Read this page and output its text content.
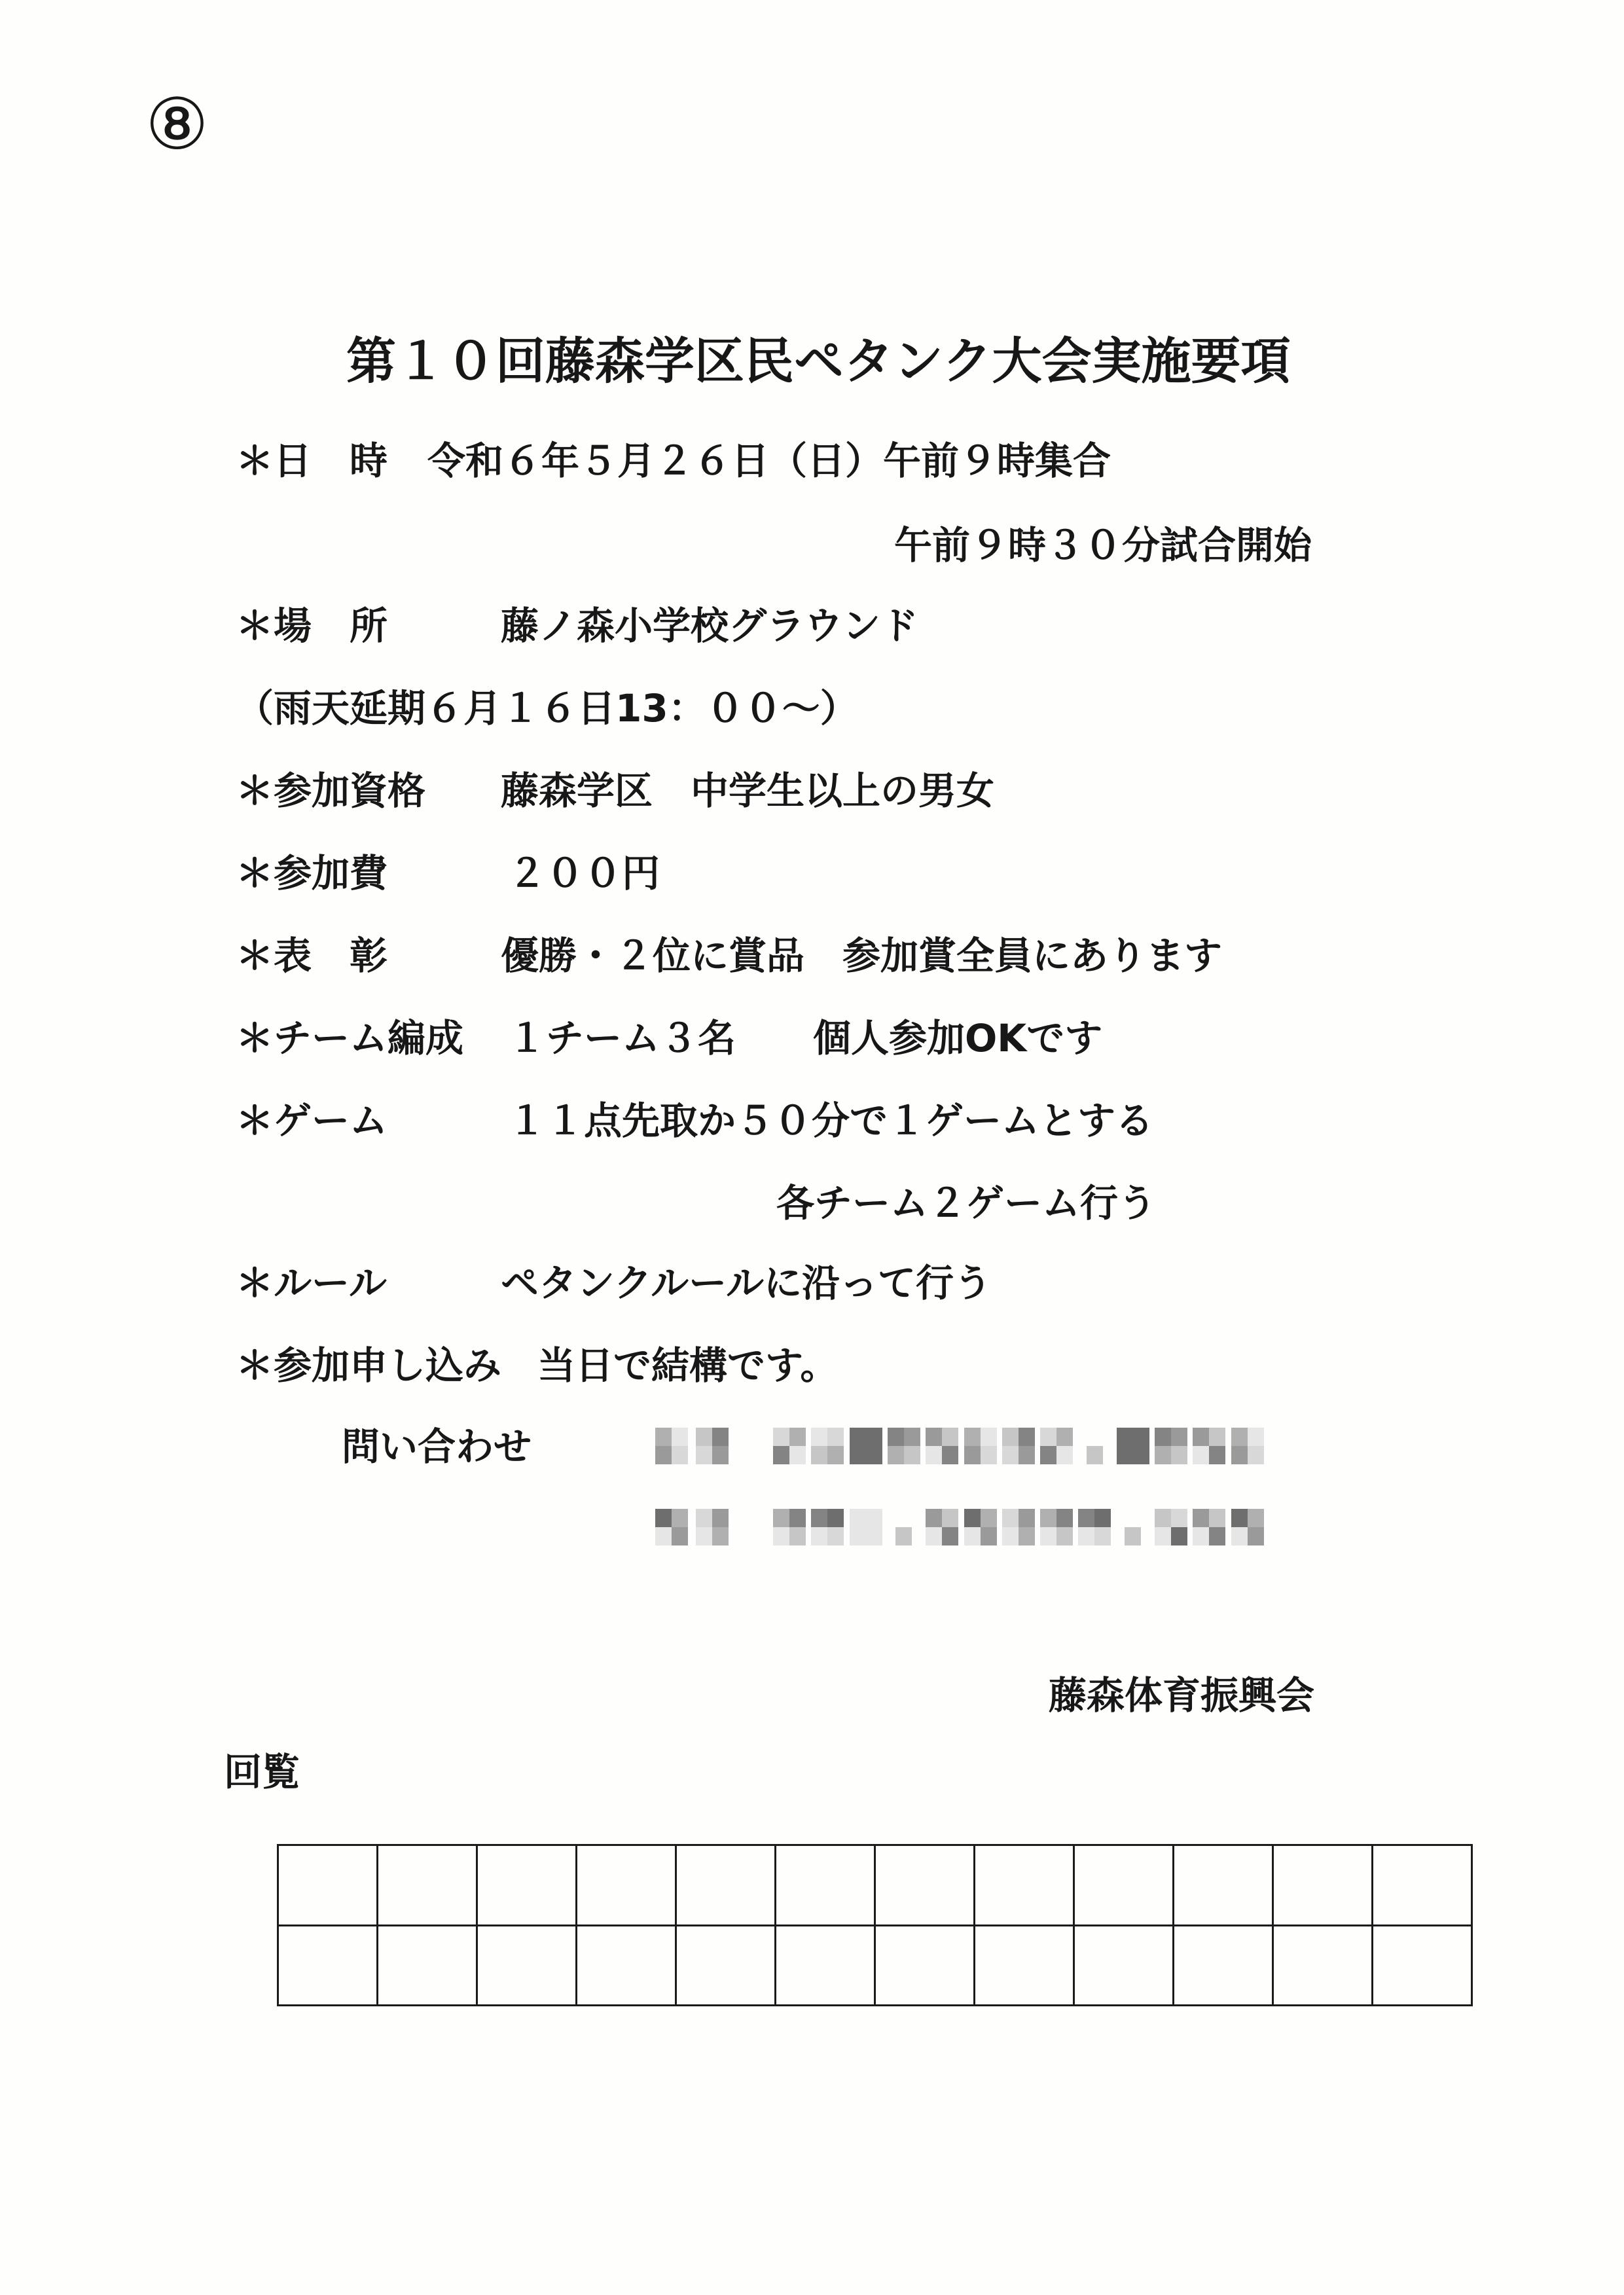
⑧
第１０回藤森学区民ペタンク大会実施要項
＊日　時 令和６年５月２６日（日）午前９時集合
午前９時３０分試合開始
＊場　所	藤ノ森小学校グラウンド
（雨天延期６月１６日13：００～）
＊参加資格 藤森学区　中学生以上の男女
＊参加費	２００円
＊表　彰	優勝・２位に賞品　参加賞全員にあります
＊チーム編成 １チーム３名 個人参加OKです
＊ゲーム	１１点先取か５０分で１ゲームとする
各チーム２ゲーム行う
＊ルール	ペタンクルールに沿って行う
＊参加申し込み 当日で結構です。
問い合わせ
藤森体育振興会
回覧
